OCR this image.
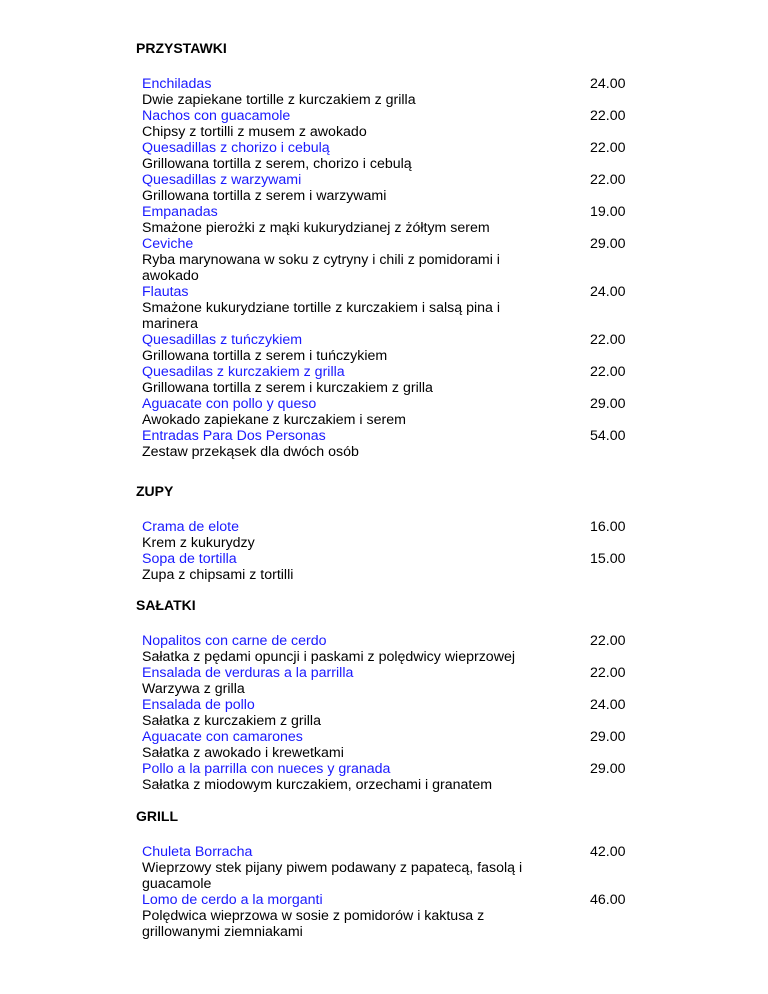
PRZYSTAWKI
Enchiladas
Dwie zapiekane tortille z kurczakiem z grilla
24.00
Nachos con guacamole
Chipsy z tortilli z musem z awokado
22.00
Quesadillas z chorizo i cebulą
Grillowana tortilla z serem, chorizo i cebulą
22.00
Quesadillas z warzywami
Grillowana tortilla z serem i warzywami
22.00
Empanadas
Smażone pierożki z mąki kukurydzianej z żółtym serem
19.00
Ceviche
Ryba marynowana w soku z cytryny i chili z pomidorami i awokado
29.00
Flautas
Smażone kukurydziane tortille z kurczakiem i salsą pina i marinera
24.00
Quesadillas z tuńczykiem
Grillowana tortilla z serem i tuńczykiem
22.00
Quesadilas z kurczakiem z grilla
Grillowana tortilla z serem i kurczakiem z grilla
22.00
Aguacate con pollo y queso
Awokado zapiekane z kurczakiem i serem
29.00
Entradas Para Dos Personas
Zestaw przekąsek dla dwóch osób
54.00
ZUPY
Crama de elote
Krem z kukurydzy
16.00
Sopa de tortilla
Zupa z chipsami z tortilli
15.00
SAŁATKI
Nopalitos con carne de cerdo
Sałatka z pędami opuncji i paskami z polędwicy wieprzowej
22.00
Ensalada de verduras a la parrilla
Warzywa z grilla
22.00
Ensalada de pollo
Sałatka z kurczakiem z grilla
24.00
Aguacate con camarones
Sałatka z awokado i krewetkami
29.00
Pollo a la parrilla con nueces y granada
Sałatka z miodowym kurczakiem, orzechami i granatem
29.00
GRILL
Chuleta Borracha
Wieprzowy stek pijany piwem podawany z papatecą, fasolą i guacamole
42.00
Lomo de cerdo a la morganti
Polędwica wieprzowa w sosie z pomidorów i kaktusa z grillowanymi ziemniakami
46.00
